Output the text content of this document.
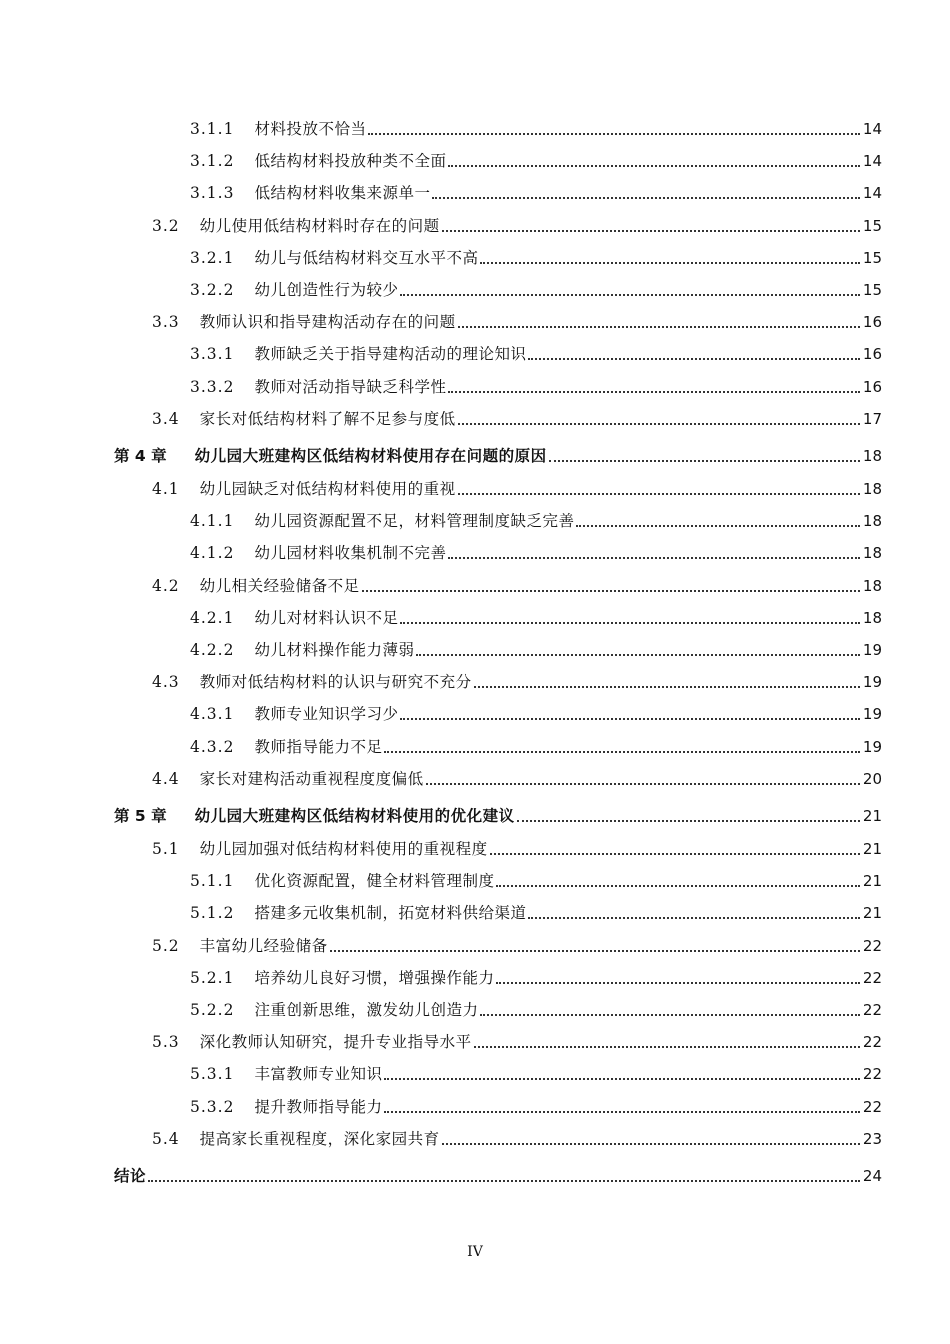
3.1.1 材料投放不恰当	14
3.1.2 低结构材料投放种类不全面	14
3.1.3 低结构材料收集来源单一	14
3.2 幼儿使用低结构材料时存在的问题	15
3.2.1 幼儿与低结构材料交互水平不高	15
3.2.2 幼儿创造性行为较少	15
3.3 教师认识和指导建构活动存在的问题	16
3.3.1 教师缺乏关于指导建构活动的理论知识	16
3.3.2 教师对活动指导缺乏科学性	16
3.4 家长对低结构材料了解不足参与度低	17
第 4 章 幼儿园大班建构区低结构材料使用存在问题的原因	18
4.1 幼儿园缺乏对低结构材料使用的重视	18
4.1.1 幼儿园资源配置不足，材料管理制度缺乏完善	18
4.1.2 幼儿园材料收集机制不完善	18
4.2 幼儿相关经验储备不足	18
4.2.1 幼儿对材料认识不足	18
4.2.2 幼儿材料操作能力薄弱	19
4.3 教师对低结构材料的认识与研究不充分	19
4.3.1 教师专业知识学习少	19
4.3.2 教师指导能力不足	19
4.4 家长对建构活动重视程度度偏低	20
第 5 章 幼儿园大班建构区低结构材料使用的优化建议	21
5.1 幼儿园加强对低结构材料使用的重视程度	21
5.1.1 优化资源配置，健全材料管理制度	21
5.1.2 搭建多元收集机制，拓宽材料供给渠道	21
5.2 丰富幼儿经验储备	22
5.2.1 培养幼儿良好习惯，增强操作能力	22
5.2.2 注重创新思维，激发幼儿创造力	22
5.3 深化教师认知研究，提升专业指导水平	22
5.3.1 丰富教师专业知识	22
5.3.2 提升教师指导能力	22
5.4 提高家长重视程度，深化家园共育	23
结论	24
IV
